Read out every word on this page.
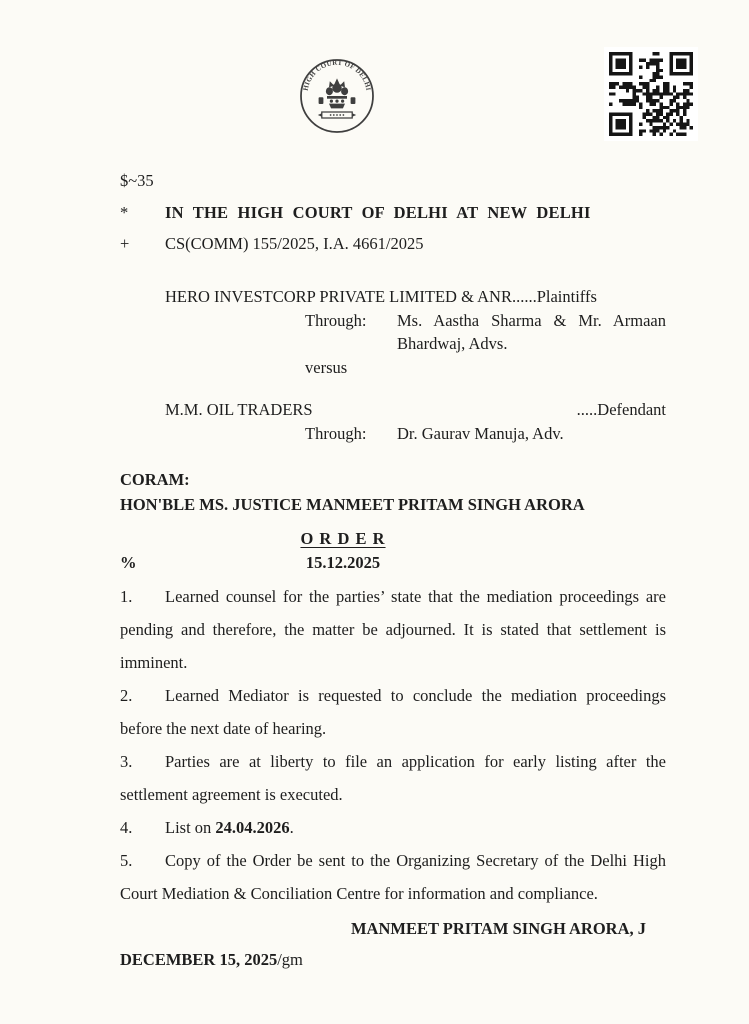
HIGH COURT OF DELHI
$~35
*	IN THE HIGH COURT OF DELHI AT NEW DELHI
+	CS(COMM) 155/2025, I.A. 4661/2025
HERO INVESTCORP PRIVATE LIMITED & ANR......Plaintiffs
Through:	Ms. Aastha Sharma & Mr. Armaan Bhardwaj, Advs.
versus
M.M. OIL TRADERS	.....Defendant
Through:	Dr. Gaurav Manuja, Adv.
CORAM:
HON'BLE MS. JUSTICE MANMEET PRITAM SINGH ARORA
O R D E R
%	15.12.2025
1. Learned counsel for the parties’ state that the mediation proceedings are pending and therefore, the matter be adjourned. It is stated that settlement is imminent.
2. Learned Mediator is requested to conclude the mediation proceedings before the next date of hearing.
3. Parties are at liberty to file an application for early listing after the settlement agreement is executed.
4. List on 24.04.2026.
5. Copy of the Order be sent to the Organizing Secretary of the Delhi High Court Mediation & Conciliation Centre for information and compliance.
MANMEET PRITAM SINGH ARORA, J
DECEMBER 15, 2025/gm
